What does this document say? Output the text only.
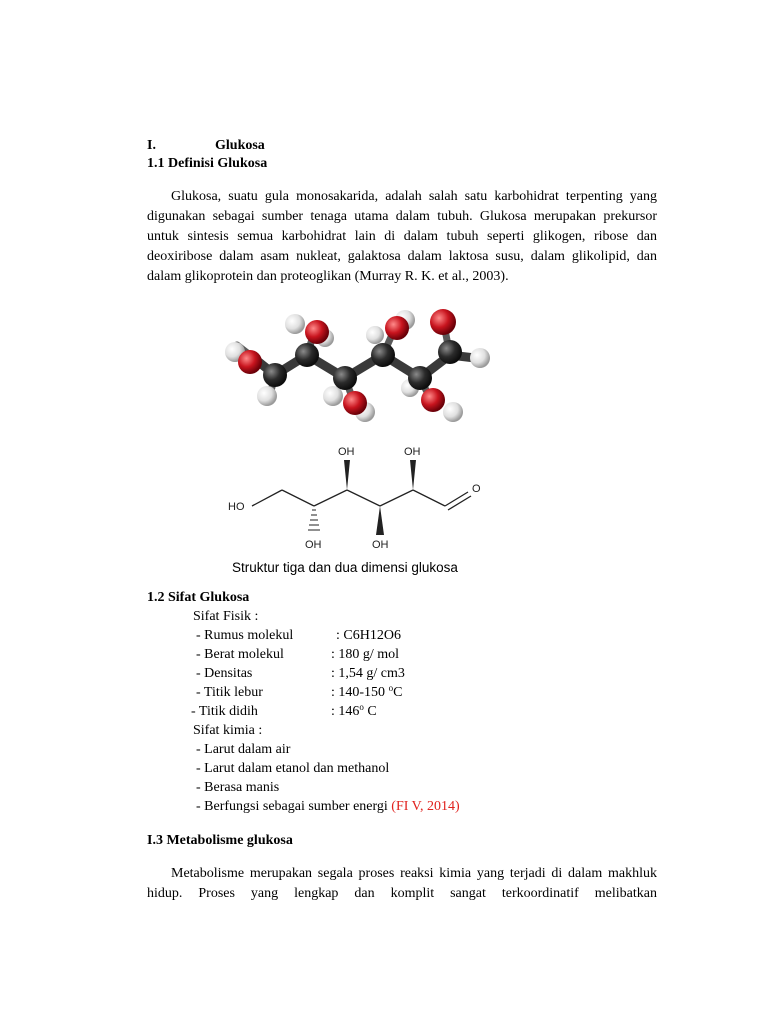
I.	Glukosa
1.1 Definisi Glukosa
Glukosa, suatu gula monosakarida, adalah salah satu karbohidrat terpenting yang digunakan sebagai sumber tenaga utama dalam tubuh. Glukosa merupakan prekursor untuk sintesis semua karbohidrat lain di dalam tubuh seperti glikogen, ribose dan deoxiribose dalam asam nukleat, galaktosa dalam laktosa susu, dalam glikolipid, dan dalam glikoprotein dan proteoglikan (Murray R. K. et al., 2003).
OH	OH
OH	OH
HO
O
Struktur tiga dan dua dimensi glukosa
1.2 Sifat Glukosa
Sifat Fisik :
- Rumus molekul	: C6H12O6
- Berat molekul	: 180 g/ mol
- Densitas	: 1,54 g/ cm3
- Titik lebur	: 140-150 $^o$C
- Titik didih	: 146$^o$ C
Sifat kimia :
- Larut dalam air
- Larut dalam etanol dan methanol
- Berasa manis
- Berfungsi sebagai sumber energi (FI V, 2014)
I.3 Metabolisme glukosa
Metabolisme merupakan segala proses reaksi kimia yang terjadi di dalam makhluk hidup. Proses yang lengkap dan komplit sangat terkoordinatif melibatkan
